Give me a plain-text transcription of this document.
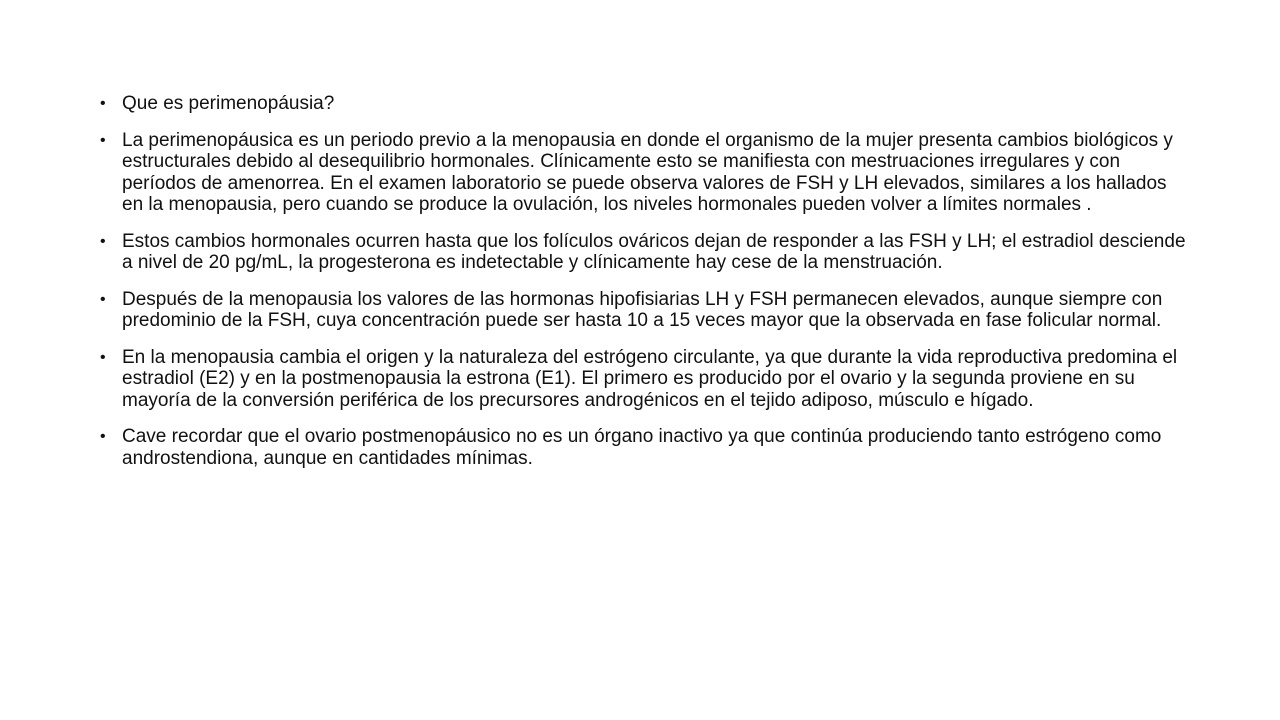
• Que es perimenopáusia?
• La perimenopáusica es un periodo previo a la menopausia en donde el organismo de la mujer presenta cambios biológicos y estructurales debido al desequilibrio hormonales. Clínicamente esto se manifiesta con mestruaciones irregulares y con períodos de amenorrea. En el examen laboratorio se puede observa valores de FSH y LH elevados, similares a los hallados en la menopausia, pero cuando se produce la ovulación, los niveles hormonales pueden volver a límites normales .
• Estos cambios hormonales ocurren hasta que los folículos ováricos dejan de responder a las FSH y LH; el estradiol desciende a nivel de 20 pg/mL, la progesterona es indetectable y clínicamente hay cese de la menstruación.
• Después de la menopausia los valores de las hormonas hipofisiarias LH y FSH permanecen elevados, aunque siempre con predominio de la FSH, cuya concentración puede ser hasta 10 a 15 veces mayor que la observada en fase folicular normal.
• En la menopausia cambia el origen y la naturaleza del estrógeno circulante, ya que durante la vida reproductiva predomina el estradiol (E2) y en la postmenopausia la estrona (E1). El primero es producido por el ovario y la segunda proviene en su mayoría de la conversión periférica de los precursores androgénicos en el tejido adiposo, músculo e hígado.
• Cave recordar que el ovario postmenopáusico no es un órgano inactivo ya que continúa produciendo tanto estrógeno como androstendiona, aunque en cantidades mínimas.
